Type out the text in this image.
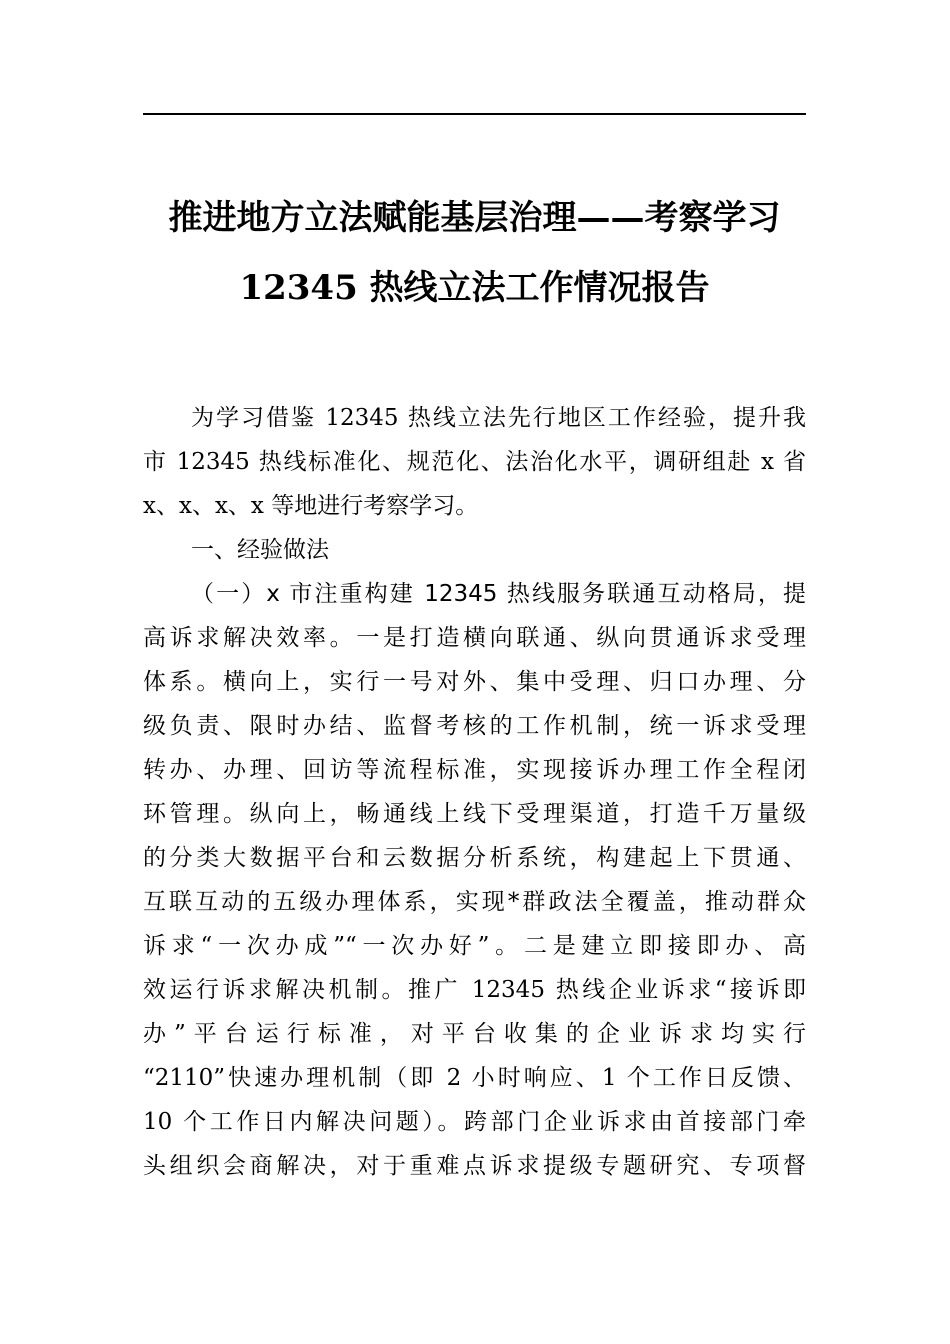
推进地方立法赋能基层治理——考察学习
12345 热线立法工作情况报告
为学习借鉴 12345 热线立法先行地区工作经验，提升我
市 12345 热线标准化、规范化、法治化水平，调研组赴 x 省
x、x、x、x 等地进行考察学习。
一、经验做法
（一）x 市注重构建 12345 热线服务联通互动格局，提
高诉求解决效率。一是打造横向联通、纵向贯通诉求受理
体系。横向上，实行一号对外、集中受理、归口办理、分
级负责、限时办结、监督考核的工作机制，统一诉求受理
转办、办理、回访等流程标准，实现接诉办理工作全程闭
环管理。纵向上，畅通线上线下受理渠道，打造千万量级
的分类大数据平台和云数据分析系统，构建起上下贯通、
互联互动的五级办理体系，实现*群政法全覆盖，推动群众
诉求“一次办成”“一次办好”。二是建立即接即办、高
效运行诉求解决机制。推广 12345 热线企业诉求“接诉即
办”平台运行标准，对平台收集的企业诉求均实行
“2110”快速办理机制（即 2 小时响应、1 个工作日反馈、
10 个工作日内解决问题）。跨部门企业诉求由首接部门牵
头组织会商解决，对于重难点诉求提级专题研究、专项督
